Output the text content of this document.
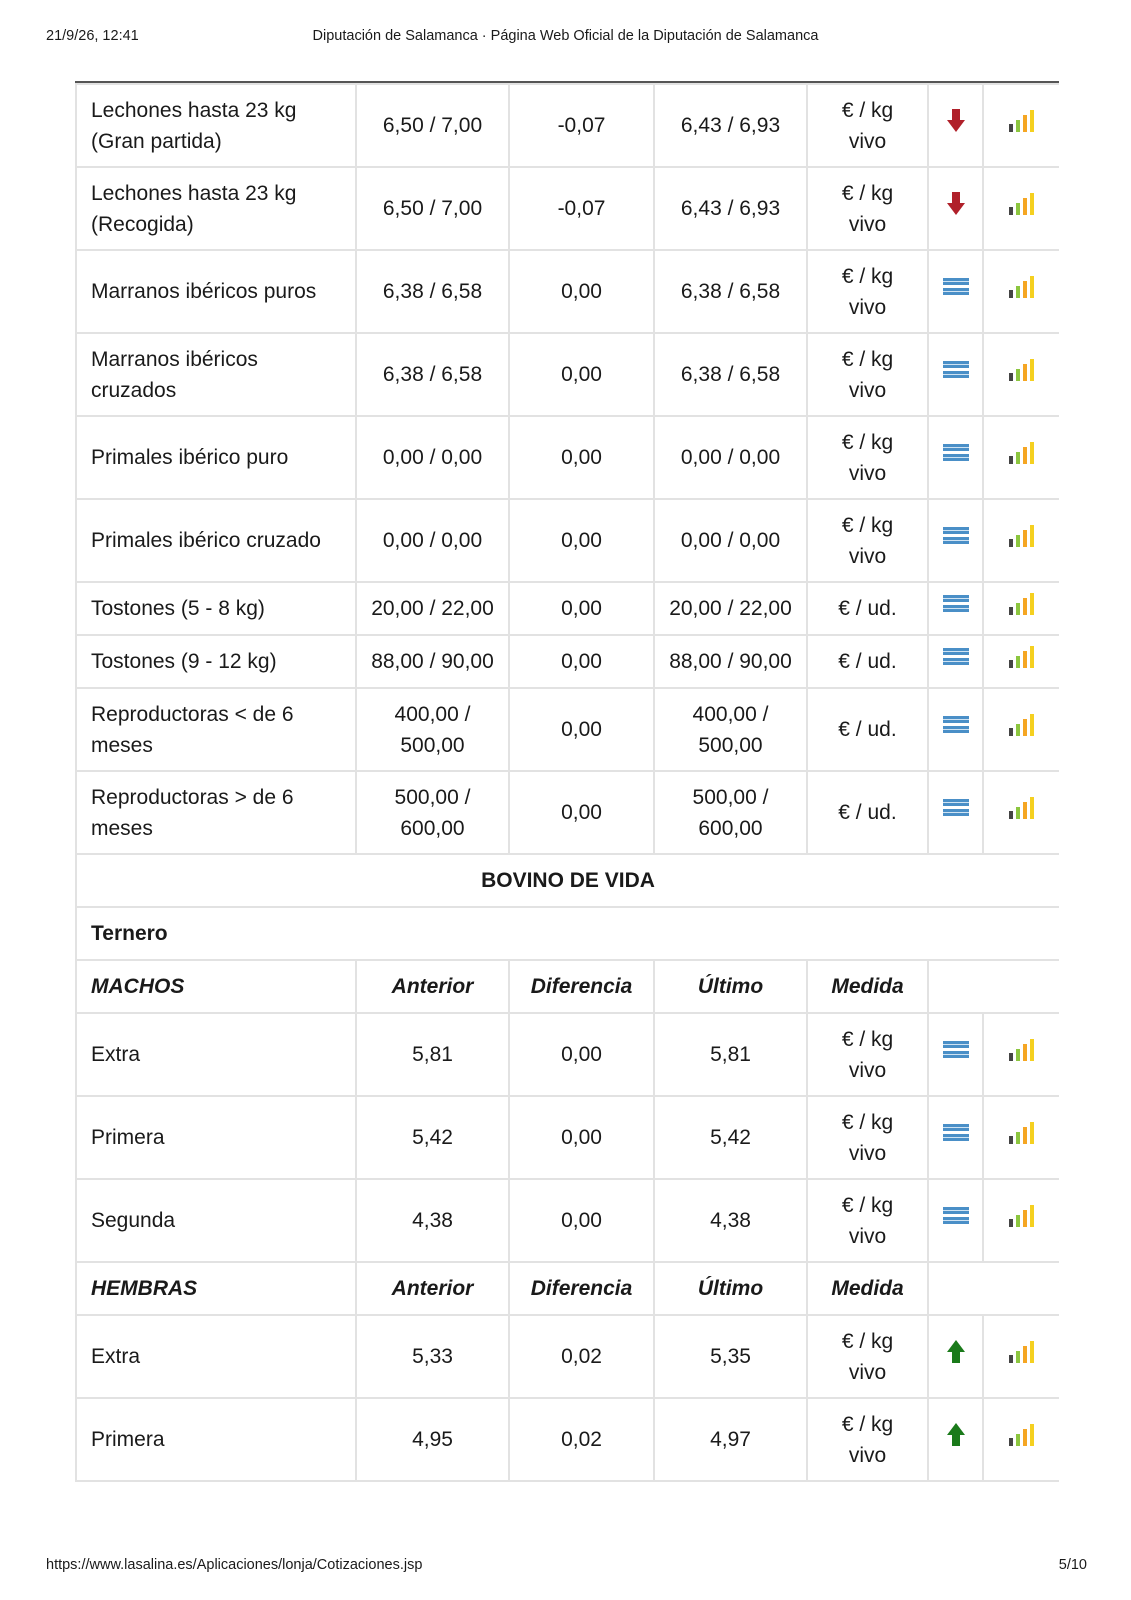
21/9/26, 12:41	Diputación de Salamanca · Página Web Oficial de la Diputación de Salamanca
Lechones hasta 23 kg (Gran partida)	6,50 / 7,00	-0,07	6,43 / 6,93	€ / kg vivo		
Lechones hasta 23 kg (Recogida)	6,50 / 7,00	-0,07	6,43 / 6,93	€ / kg vivo		
Marranos ibéricos puros	6,38 / 6,58	0,00	6,38 / 6,58	€ / kg vivo		
Marranos ibéricos cruzados	6,38 / 6,58	0,00	6,38 / 6,58	€ / kg vivo		
Primales ibérico puro	0,00 / 0,00	0,00	0,00 / 0,00	€ / kg vivo		
Primales ibérico cruzado	0,00 / 0,00	0,00	0,00 / 0,00	€ / kg vivo		
Tostones (5 - 8 kg)	20,00 / 22,00	0,00	20,00 / 22,00	€ / ud.		
Tostones (9 - 12 kg)	88,00 / 90,00	0,00	88,00 / 90,00	€ / ud.		
Reproductoras < de 6 meses	400,00 / 500,00	0,00	400,00 / 500,00	€ / ud.		
Reproductoras > de 6 meses	500,00 / 600,00	0,00	500,00 / 600,00	€ / ud.		
BOVINO DE VIDA						
Ternero						
MACHOS	Anterior	Diferencia	Último	Medida		
Extra	5,81	0,00	5,81	€ / kg vivo		
Primera	5,42	0,00	5,42	€ / kg vivo		
Segunda	4,38	0,00	4,38	€ / kg vivo		
HEMBRAS	Anterior	Diferencia	Último	Medida		
Extra	5,33	0,02	5,35	€ / kg vivo		
Primera	4,95	0,02	4,97	€ / kg vivo		
https://www.lasalina.es/Aplicaciones/lonja/Cotizaciones.jsp	5/10
